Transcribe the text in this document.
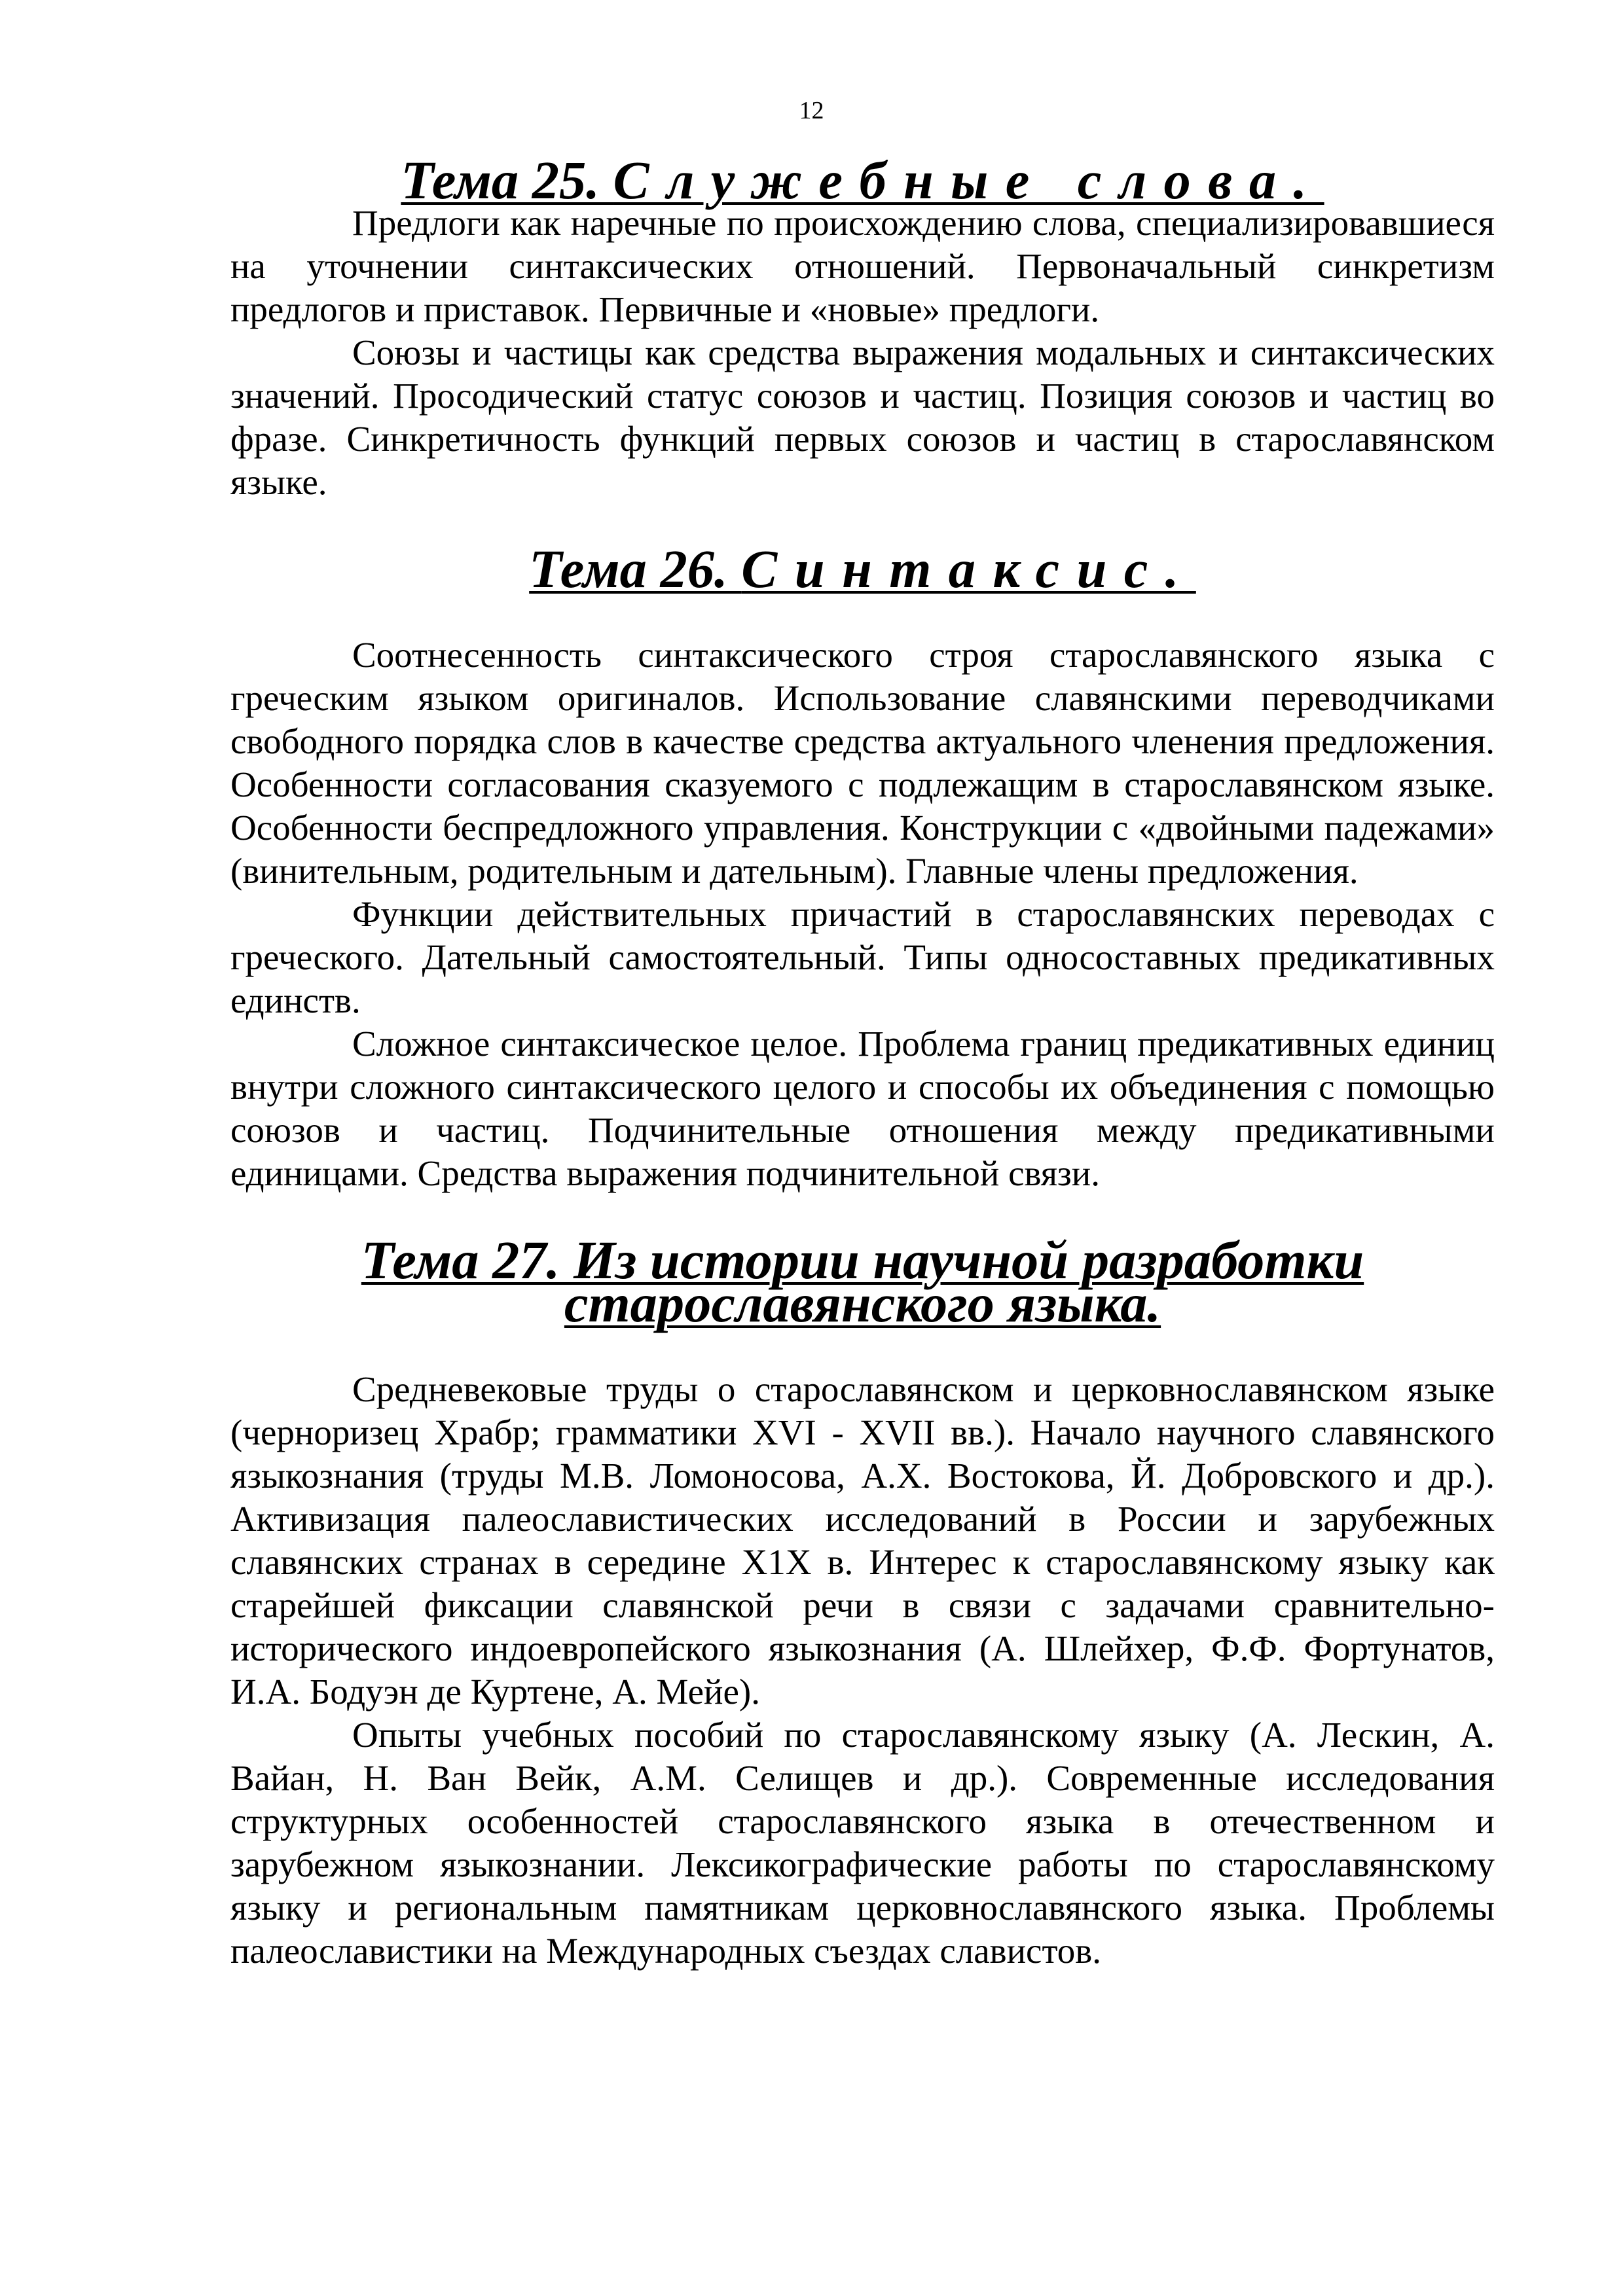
12
Тема 25. Служебные слова.

Предлоги как наречные по происхождению слова, специализировавшиеся на уточнении синтаксических отношений. Первоначальный синкретизм предлогов и приставок. Первичные и «новые» предлоги.

Союзы и частицы как средства выражения модальных и синтаксических значений. Просодический статус союзов и частиц. Позиция союзов и частиц во фразе. Синкретичность функций первых союзов и частиц в старославянском языке.

Тема 26. Синтаксис.

Соотнесенность синтаксического строя старославянского языка с греческим языком оригиналов. Использование славянскими переводчиками свободного порядка слов в качестве средства актуального членения предложения. Особенности согласования сказуемого с подлежащим в старославянском языке. Особенности беспредложного управления. Конструкции с «двойными падежами» (винительным, родительным и дательным). Главные члены предложения.

Функции действительных причастий в старославянских переводах с греческого. Дательный самостоятельный. Типы односоставных предикативных единств.

Сложное синтаксическое целое. Проблема границ предикативных единиц внутри сложного синтаксического целого и способы их объединения с помощью союзов и частиц. Подчинительные отношения между предикативными единицами. Средства выражения подчинительной связи.

Тема 27. Из истории научной разработки старославянского языка.

Средневековые труды о старославянском и церковнославянском языке (черноризец Храбр; грамматики XVI - XVII вв.). Начало научного славянского языкознания (труды М.В. Ломоносова, А.Х. Востокова, Й. Добровского и др.). Активизация палеославистических исследований в России и зарубежных славянских странах в середине Х1Х в. Интерес к старославянскому языку как старейшей фиксации славянской речи в связи с задачами сравнительно-исторического индоевропейского языкознания (А. Шлейхер, Ф.Ф. Фортунатов, И.А. Бодуэн де Куртене, А. Мейе).

Опыты учебных пособий по старославянскому языку (А. Лескин, А. Вайан, Н. Ван Вейк, А.М. Селищев и др.). Современные исследования структурных особенностей старославянского языка в отечественном и зарубежном языкознании. Лексикографические работы по старославянскому языку и региональным памятникам церковнославянского языка. Проблемы палеославистики на Международных съездах славистов.
